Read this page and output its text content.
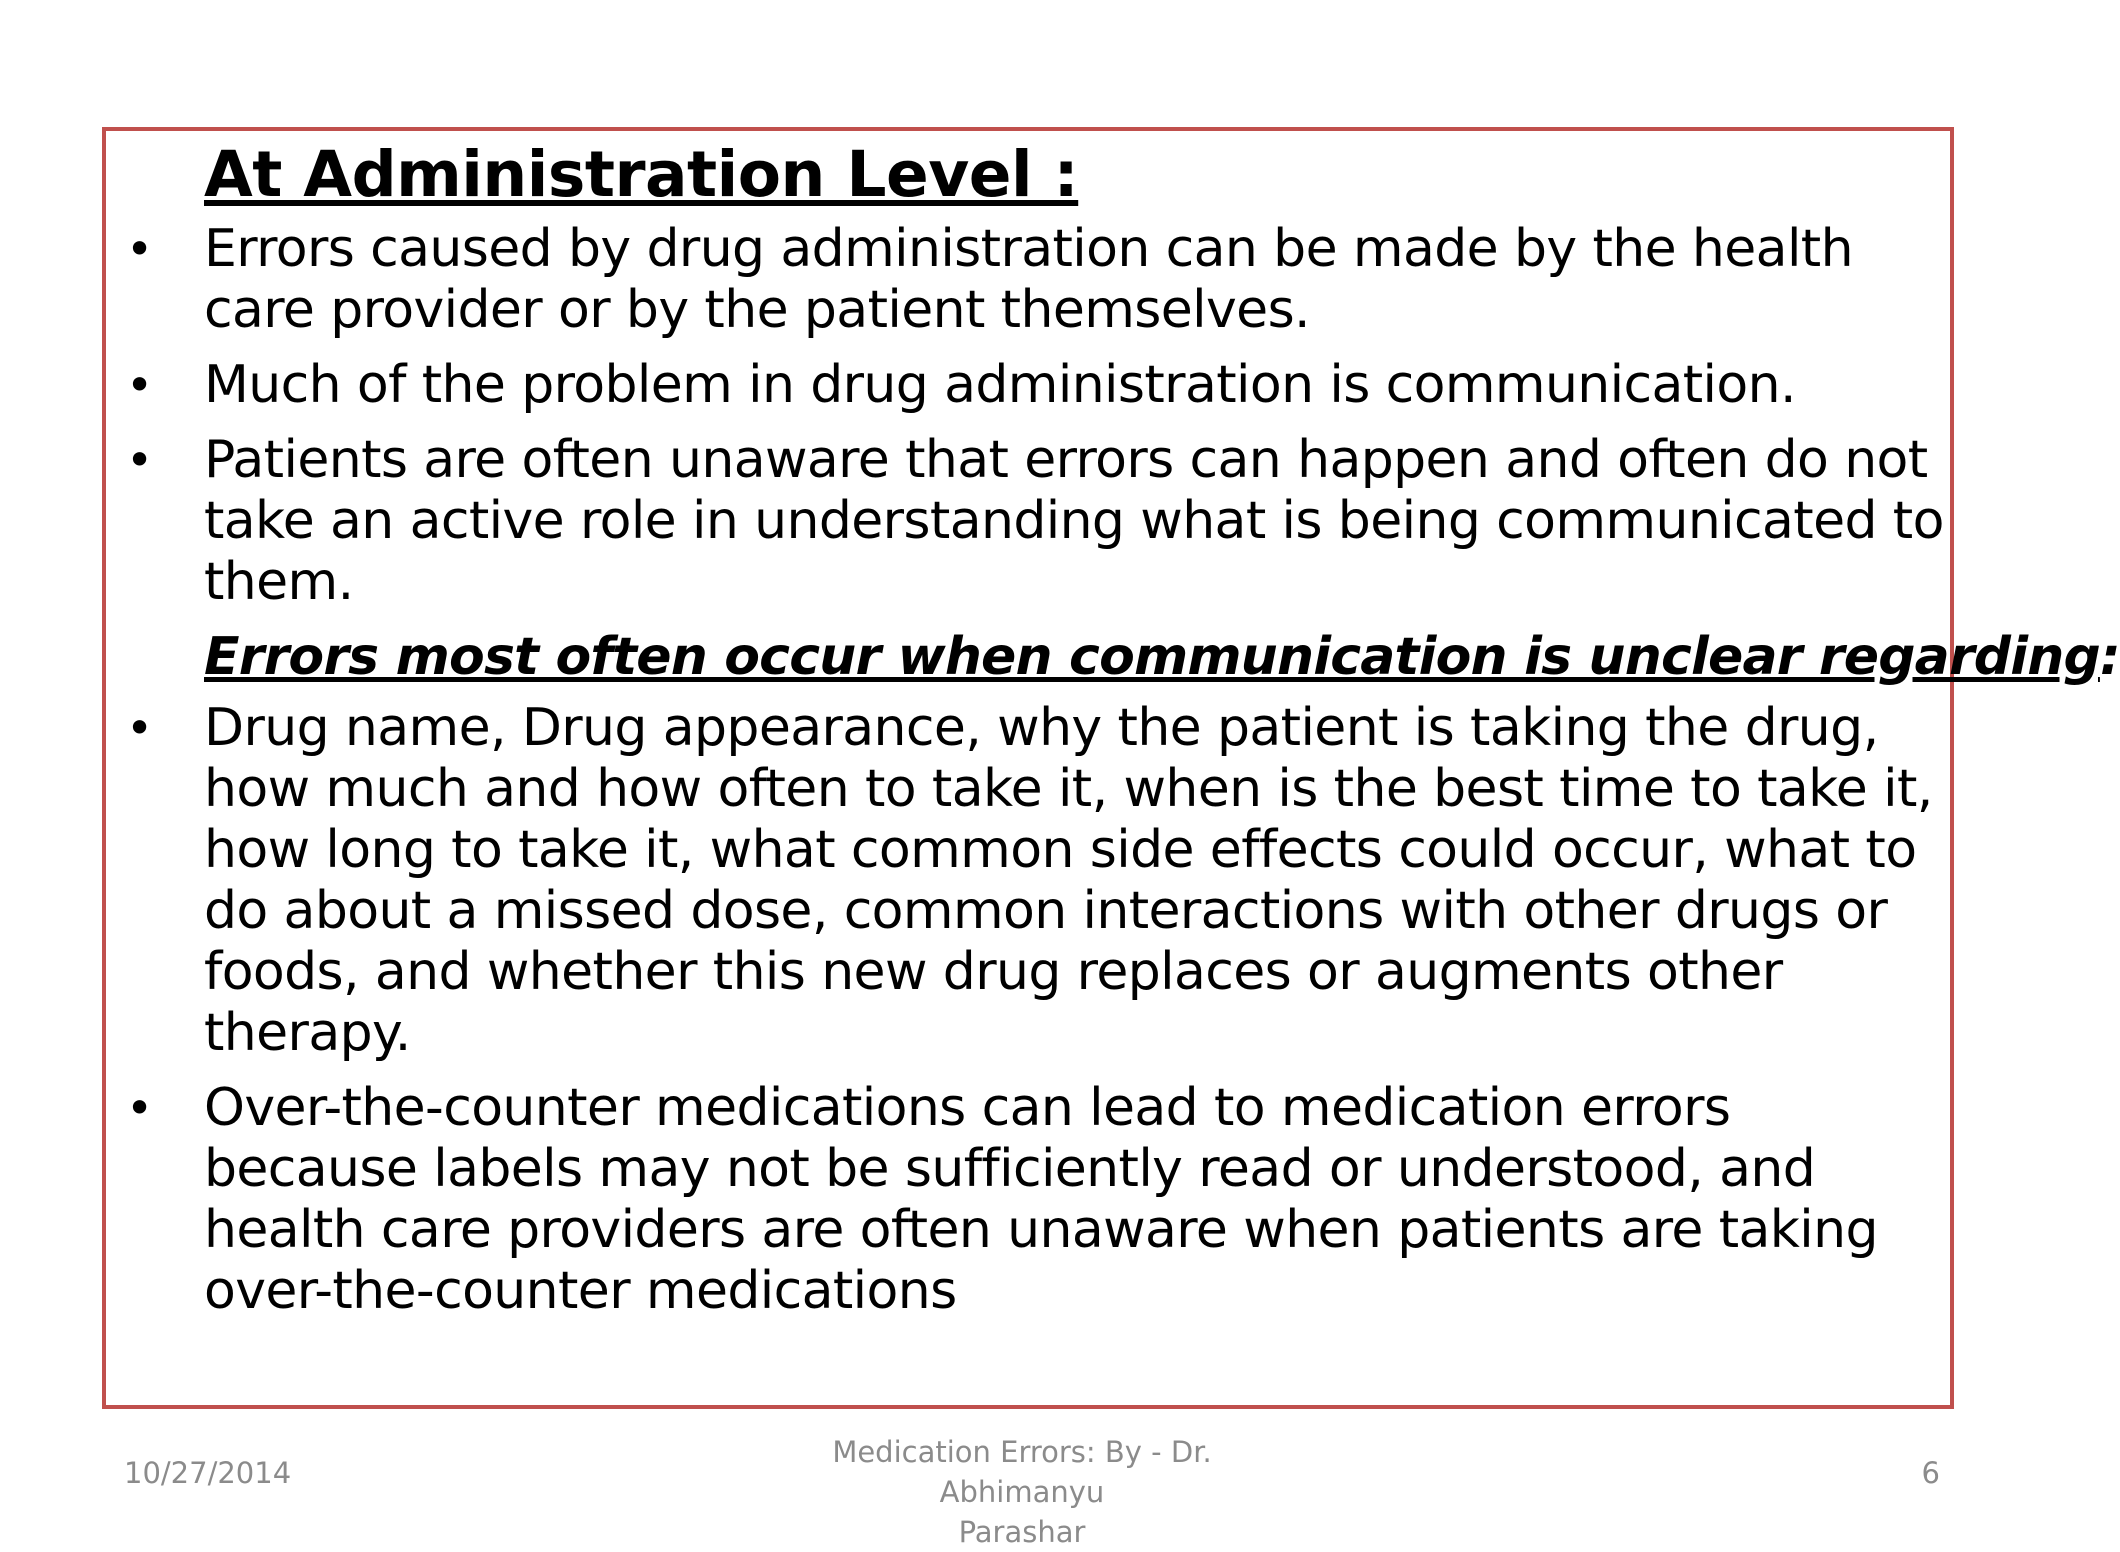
At Administration Level :
• Errors caused by drug administration can be made by the health care provider or by the patient themselves.
• Much of the problem in drug administration is communication.
• Patients are often unaware that errors can happen and often do not take an active role in understanding what is being communicated to them.
Errors most often occur when communication is unclear regarding:
• Drug name, Drug appearance, why the patient is taking the drug, how much and how often to take it, when is the best time to take it, how long to take it, what common side effects could occur, what to do about a missed dose, common interactions with other drugs or foods, and whether this new drug replaces or augments other therapy.
• Over-the-counter medications can lead to medication errors because labels may not be sufficiently read or understood, and health care providers are often unaware when patients are taking over-the-counter medications
10/27/2014
Medication Errors: By - Dr. Abhimanyu
Parashar
6
